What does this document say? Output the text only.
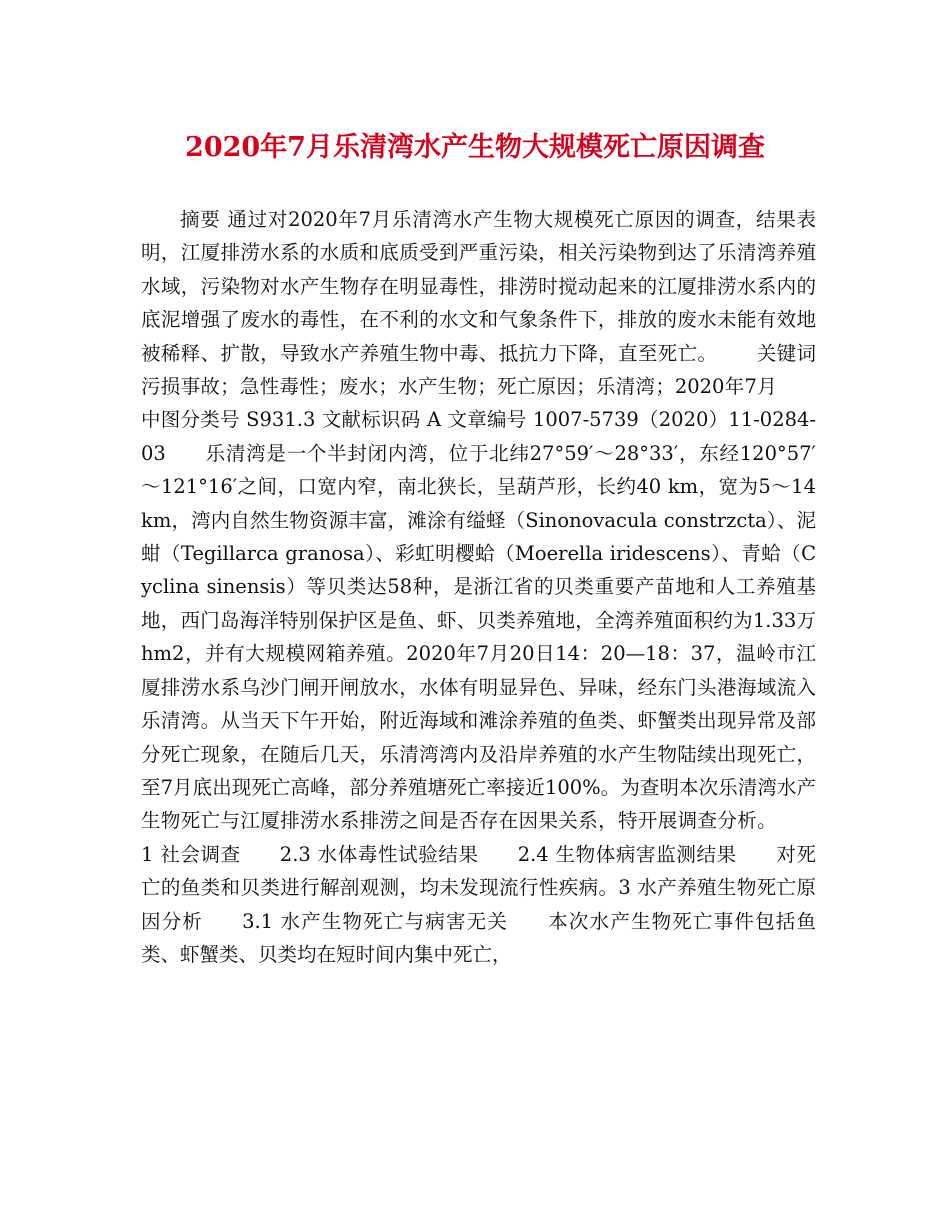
2020年7月乐清湾水产生物大规模死亡原因调查

摘要 通过对2020年7月乐清湾水产生物大规模死亡原因的调查，结果表明，江厦排涝水系的水质和底质受到严重污染，相关污染物到达了乐清湾养殖水域，污染物对水产生物存在明显毒性，排涝时搅动起来的江厦排涝水系内的底泥增强了废水的毒性，在不利的水文和气象条件下，排放的废水未能有效地被稀释、扩散，导致水产养殖生物中毒、抵抗力下降，直至死亡。 关键词 污损事故；急性毒性；废水；水产生物；死亡原因；乐清湾；2020年7月中图分类号 S931.3 文献标识码 A 文章编号 1007-5739（2020）11-0284-03 乐清湾是一个半封闭内湾，位于北纬27°59′～28°33′，东经120°57′～121°16′之间，口宽内窄，南北狭长，呈葫芦形，长约40 km，宽为5～14 km，湾内自然生物资源丰富，滩涂有缢蛏（Sinonovacula constrzcta）、泥蚶（Tegillarca granosa）、彩虹明樱蛤（Moerella iridescens）、青蛤（Cyclina sinensis）等贝类达58种，是浙江省的贝类重要产苗地和人工养殖基地，西门岛海洋特别保护区是鱼、虾、贝类养殖地，全湾养殖面积约为1.33万hm2，并有大规模网箱养殖。2020年7月20日14：20—18：37，温岭市江厦排涝水系乌沙门闸开闸放水，水体有明显异色、异味，经东门头港海域流入乐清湾。从当天下午开始，附近海域和滩涂养殖的鱼类、虾蟹类出现异常及部分死亡现象，在随后几天，乐清湾湾内及沿岸养殖的水产生物陆续出现死亡，至7月底出现死亡高峰，部分养殖塘死亡率接近100%。为查明本次乐清湾水产生物死亡与江厦排涝水系排涝之间是否存在因果关系，特开展调查分析。1 社会调查 2.3 水体毒性试验结果 2.4 生物体病害监测结果 对死亡的鱼类和贝类进行解剖观测，均未发现流行性疾病。3 水产养殖生物死亡原因分析 3.1 水产生物死亡与病害无关 本次水产生物死亡事件包括鱼类、虾蟹类、贝类均在短时间内集中死亡，
